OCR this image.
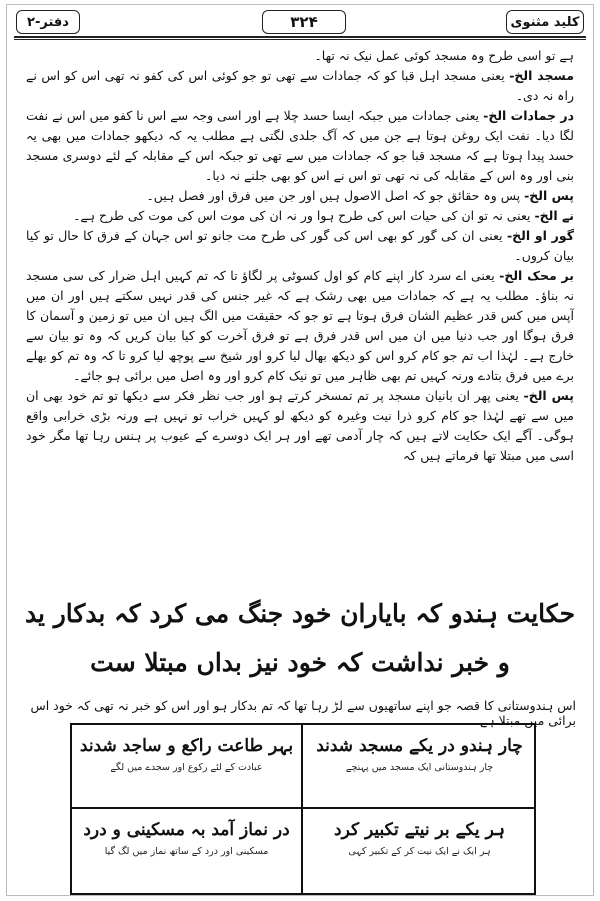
دفتر-۲	۳۲۴	کلید مثنوی

ہے تو اسی طرح وہ مسجد کوئی عمل نیک نہ تھا۔

مسجد الخ- یعنی مسجد اہل قبا کو کہ جمادات سے تھی تو جو کوئی اس کی کفو نہ تھی اس کو اس نے راہ نہ دی۔

در جمادات الخ- یعنی جمادات میں جبکہ ایسا حسد چلا ہے اور اسی وجہ سے اس نا کفو میں اس نے نفت لگا دیا۔ نفت ایک روغن ہوتا ہے جن میں کہ آگ جلدی لگتی ہے مطلب یہ کہ دیکھو جمادات میں بھی یہ حسد پیدا ہوتا ہے کہ مسجد قبا جو کہ جمادات میں سے تھی تو جبکہ اس کے مقابلہ کے لئے دوسری مسجد بنی اور وہ اس کے مقابلہ کی نہ تھی تو اس نے اس کو بھی جلنے نہ دیا۔

پس الخ- پس وہ حقائق جو کہ اصل الاصول ہیں اور جن میں فرق اور فصل ہیں۔

نے الخ- یعنی نہ تو ان کی حیات اس کی طرح ہوا ور نہ ان کی موت اس کی موت کی طرح ہے۔

گور او الخ- یعنی ان کی گور کو بھی اس کی گور کی طرح مت جانو تو اس جہان کے فرق کا حال تو کیا بیان کروں۔

بر محک الخ- یعنی اے سرد کار اپنے کام کو اول کسوٹی پر لگاؤ تا کہ تم کہیں اہل ضرار کی سی مسجد نہ بناؤ۔ مطلب یہ ہے کہ جمادات میں بھی رشک ہے کہ غیر جنس کی قدر نہیں سکتے ہیں اور ان میں آپس میں کس قدر عظیم الشان فرق ہوتا ہے تو جو کہ حقیقت میں الگ ہیں ان میں تو زمین و آسمان کا فرق ہوگا اور جب دنیا میں ان میں اس قدر فرق ہے تو فرق آخرت کو کیا بیان کریں کہ وہ تو بیان سے خارج ہے۔ لہٰذا اب تم جو کام کرو اس کو دیکھ بھال لیا کرو اور شیخ سے پوچھ لیا کرو تا کہ وہ تم کو بھلے برے میں فرق بتادے ورنہ کہیں تم بھی ظاہر میں تو نیک کام کرو اور وہ اصل میں برائی ہو جائے۔

پس الخ- یعنی پھر ان بانیان مسجد پر تم تمسخر کرتے ہو اور جب نظر فکر سے دیکھا تو تم خود بھی ان میں سے تھے لہٰذا جو کام کرو ذرا نیت وغیرہ کو دیکھ لو کہیں خراب تو نہیں ہے ورنہ بڑی خرابی واقع ہوگی۔ آگے ایک حکایت لاتے ہیں کہ چار آدمی تھے اور ہر ایک دوسرے کے عیوب پر ہنس رہا تھا مگر خود اسی میں مبتلا تھا فرماتے ہیں کہ

حکایت ہندو کہ بایاران خود جنگ می کرد کہ بدکار ید
و خبر نداشت کہ خود نیز بداں مبتلا ست
اس ہندوستانی کا قصہ جو اپنے ساتھیوں سے لڑ رہا تھا کہ تم بدکار ہو اور اس کو خبر نہ تھی کہ خود اس برائی میں مبتلا ہے
چار ہندو در یکے مسجد شدند
چار ہندوستانی ایک مسجد میں پہنچے
بہر طاعت راکع و ساجد شدند
عبادت کے لئے رکوع اور سجدے میں لگے
ہر یکے بر نیتے تکبیر کرد
ہر ایک نے ایک نیت کر کے تکبیر کہی
در نماز آمد بہ مسکینی و درد
مسکینی اور درد کے ساتھ نماز میں لگ گیا
